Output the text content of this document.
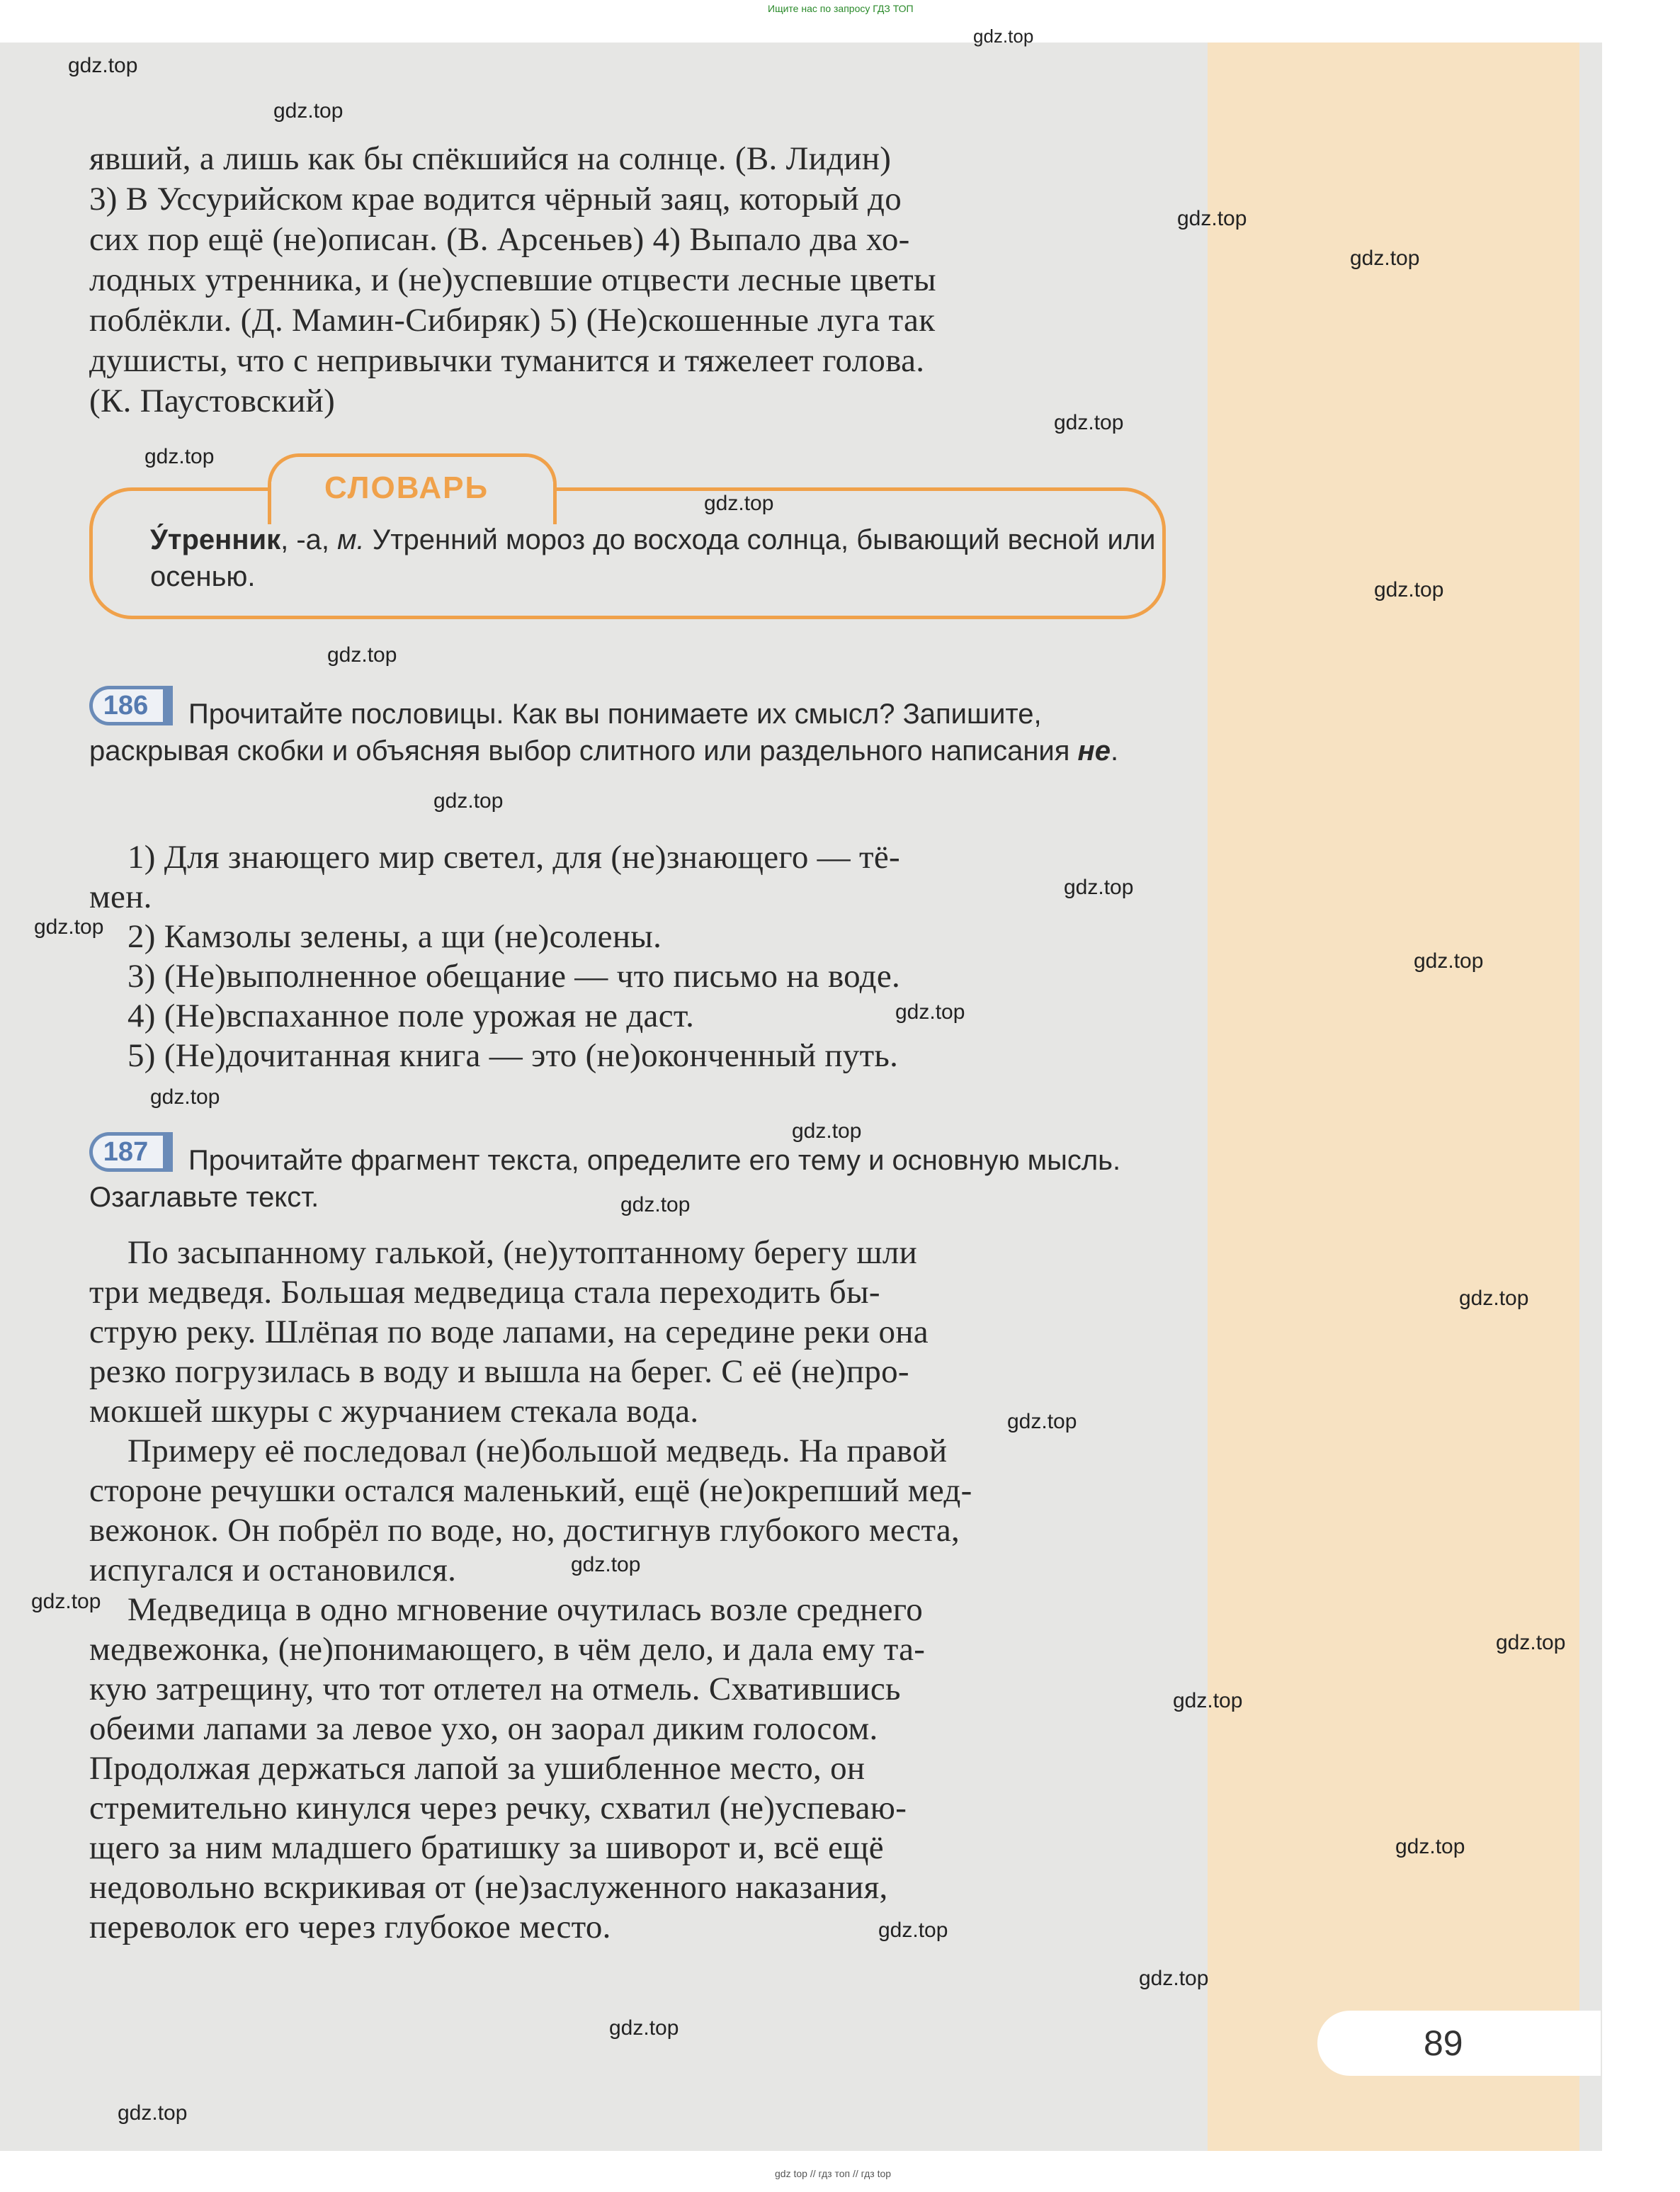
Ищите нас по запросу ГДЗ ТОП

явший, а лишь как бы спёкшийся на солнце. (В. Лидин)

3) В Уссурийском крае водится чёрный заяц, который до

сих пор ещё (не)описан. (В. Арсеньев) 4) Выпало два хо-

лодных утренника, и (не)успевшие отцвести лесные цветы

поблёкли. (Д. Мамин-Сибиряк) 5) (Не)скошенные луга так

душисты, что с непривычки туманится и тяжелеет голова.

(К. Паустовский)

СЛОВАРЬ
У́тренник, -а, м. Утренний мороз до восхода солнца, бывающий весной или осенью.
186	Прочитайте пословицы. Как вы понимаете их смысл? Запишите, раскрывая скобки и объясняя выбор слитного или раздельного написания не.

1) Для знающего мир светел, для (не)знающего — тё-

мен.

2) Камзолы зелены, а щи (не)солены.

3) (Не)выполненное обещание — что письмо на воде.

4) (Не)вспаханное поле урожая не даст.

5) (Не)дочитанная книга — это (не)оконченный путь.

187	Прочитайте фрагмент текста, определите его тему и основную мысль. Озаглавьте текст.

По засыпанному галькой, (не)утоптанному берегу шли

три медведя. Большая медведица стала переходить бы-

струю реку. Шлёпая по воде лапами, на середине реки она

резко погрузилась в воду и вышла на берег. С её (не)про-

мокшей шкуры с журчанием стекала вода.

Примеру её последовал (не)большой медведь. На правой

стороне речушки остался маленький, ещё (не)окрепший мед-

вежонок. Он побрёл по воде, но, достигнув глубокого места,

испугался и остановился.

Медведица в одно мгновение очутилась возле среднего

медвежонка, (не)понимающего, в чём дело, и дала ему та-

кую затрещину, что тот отлетел на отмель. Схватившись

обеими лапами за левое ухо, он заорал диким голосом.

Продолжая держаться лапой за ушибленное место, он

стремительно кинулся через речку, схватил (не)успеваю-

щего за ним младшего братишку за шиворот и, всё ещё

недовольно вскрикивая от (не)заслуженного наказания,

переволок его через глубокое место.

89
gdz.top
gdz.top
gdz.top
gdz.top
gdz.top
gdz.top
gdz.top
gdz.top
gdz.top
gdz.top
gdz.top
gdz.top
gdz.top
gdz.top
gdz.top
gdz.top
gdz.top
gdz.top
gdz.top
gdz.top
gdz.top
gdz.top
gdz.top
gdz.top
gdz.top
gdz.top
gdz.top
gdz.top
gdz.top
gdz top // гдз топ // гдз top
